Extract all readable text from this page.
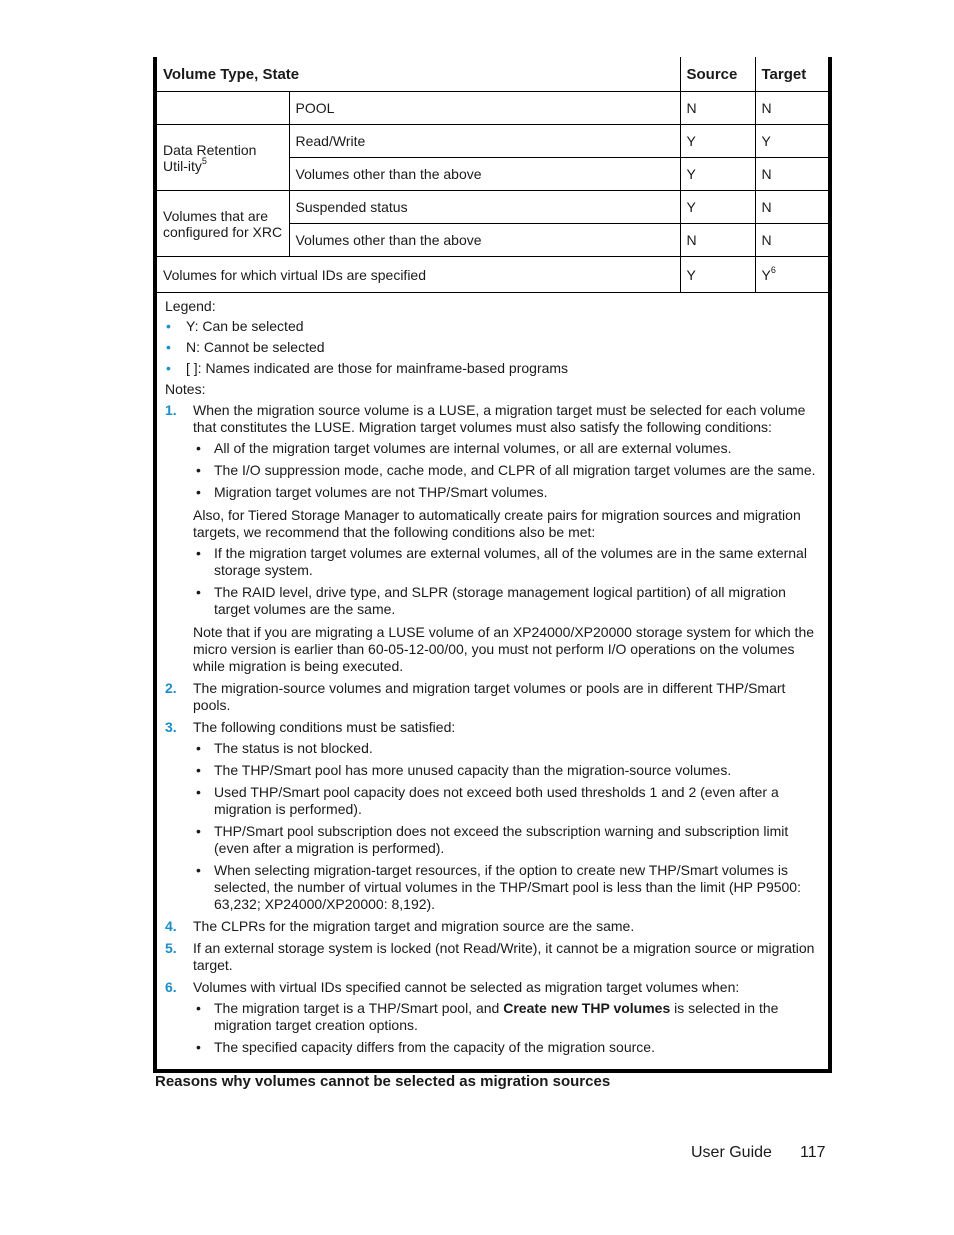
Volume Type, State		Source	Target
	POOL	N	N
Data Retention Util-ity$^5$	Read/Write	Y	Y
	Volumes other than the above	Y	N
Volumes that are configured for XRC	Suspended status	Y	N
	Volumes other than the above	N	N
Volumes for which virtual IDs are specified		Y	$Y^6$

Legend:

• Y: Can be selected
• N: Cannot be selected
• [ ]: Names indicated are those for mainframe-based programs

Notes:

1. When the migration source volume is a LUSE, a migration target must be selected for each volume that constitutes the LUSE. Migration target volumes must also satisfy the following conditions:

• All of the migration target volumes are internal volumes, or all are external volumes.
• The I/O suppression mode, cache mode, and CLPR of all migration target volumes are the same.
• Migration target volumes are not THP/Smart volumes.

Also, for Tiered Storage Manager to automatically create pairs for migration sources and migration targets, we recommend that the following conditions also be met:

• If the migration target volumes are external volumes, all of the volumes are in the same external storage system.
• The RAID level, drive type, and SLPR (storage management logical partition) of all migration target volumes are the same.

Note that if you are migrating a LUSE volume of an XP24000/XP20000 storage system for which the micro version is earlier than 60-05-12-00/00, you must not perform I/O operations on the volumes while migration is being executed.

2. The migration-source volumes and migration target volumes or pools are in different THP/Smart pools.

3. The following conditions must be satisfied:

• The status is not blocked.
• The THP/Smart pool has more unused capacity than the migration-source volumes.
• Used THP/Smart pool capacity does not exceed both used thresholds 1 and 2 (even after a migration is performed).
• THP/Smart pool subscription does not exceed the subscription warning and subscription limit (even after a migration is performed).
• When selecting migration-target resources, if the option to create new THP/Smart volumes is selected, the number of virtual volumes in the THP/Smart pool is less than the limit (HP P9500: 63,232; XP24000/XP20000: 8,192).
4. The CLPRs for the migration target and migration source are the same.

5. If an external storage system is locked (not Read/Write), it cannot be a migration source or migration target.

6. Volumes with virtual IDs specified cannot be selected as migration target volumes when:

• The migration target is a THP/Smart pool, and Create new THP volumes is selected in the migration target creation options.
• The specified capacity differs from the capacity of the migration source.
Reasons why volumes cannot be selected as migration sources
User Guide 117
